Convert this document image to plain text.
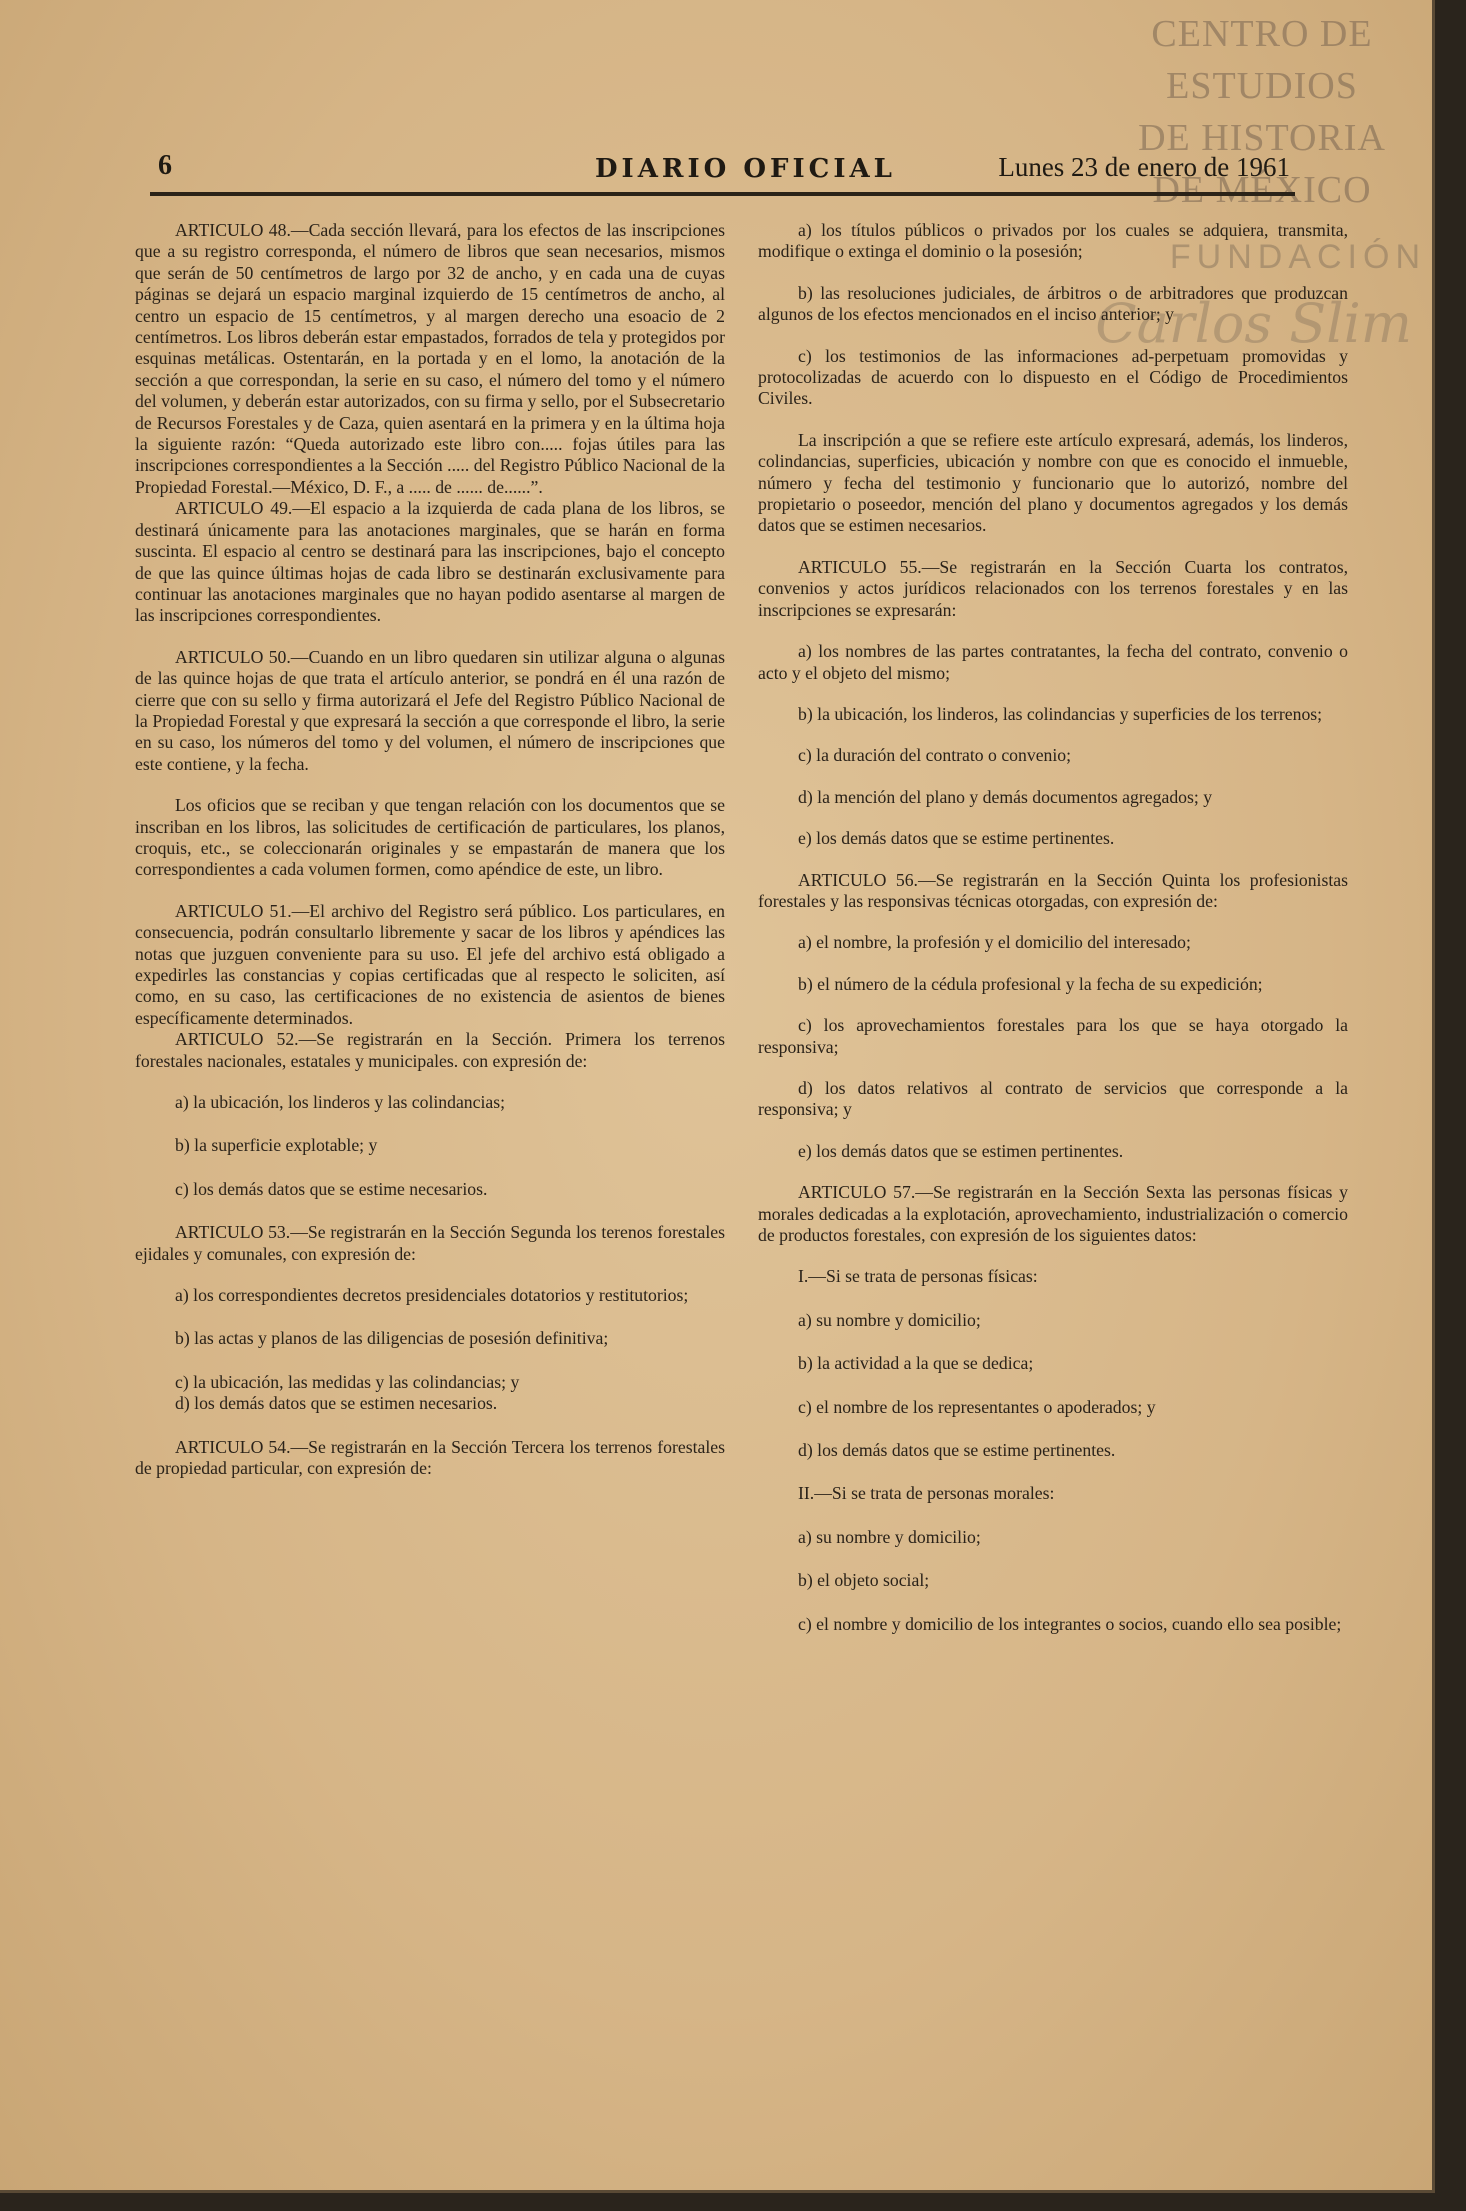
CENTRO DE
ESTUDIOS
DE HISTORIA
DE MÉXICO
FUNDACIÓN
Carlos Slim
6	DIARIO OFICIAL	Lunes 23 de enero de 1961

ARTICULO 48.—Cada sección llevará, para los efectos de las inscripciones que a su registro corresponda, el número de libros que sean necesarios, mismos que serán de 50 centímetros de largo por 32 de ancho, y en cada una de cuyas páginas se dejará un espacio marginal izquierdo de 15 centímetros de ancho, al centro un espacio de 15 centímetros, y al margen derecho una esoacio de 2 centímetros. Los libros deberán estar empastados, forrados de tela y protegidos por esquinas metálicas. Ostentarán, en la portada y en el lomo, la anotación de la sección a que correspondan, la serie en su caso, el número del tomo y el número del volumen, y deberán estar autorizados, con su firma y sello, por el Subsecretario de Recursos Forestales y de Caza, quien asentará en la primera y en la última hoja la siguiente razón: “Queda autorizado este libro con..... fojas útiles para las inscripciones correspondientes a la Sección ..... del Registro Público Nacional de la Propiedad Forestal.—México, D. F., a ..... de ...... de......”.

ARTICULO 49.—El espacio a la izquierda de cada plana de los libros, se destinará únicamente para las anotaciones marginales, que se harán en forma suscinta. El espacio al centro se destinará para las inscripciones, bajo el concepto de que las quince últimas hojas de cada libro se destinarán exclusivamente para continuar las anotaciones marginales que no hayan podido asentarse al margen de las inscripciones correspondientes.

ARTICULO 50.—Cuando en un libro quedaren sin utilizar alguna o algunas de las quince hojas de que trata el artículo anterior, se pondrá en él una razón de cierre que con su sello y firma autorizará el Jefe del Registro Público Nacional de la Propiedad Forestal y que expresará la sección a que corresponde el libro, la serie en su caso, los números del tomo y del volumen, el número de inscripciones que este contiene, y la fecha.

Los oficios que se reciban y que tengan relación con los documentos que se inscriban en los libros, las solicitudes de certificación de particulares, los planos, croquis, etc., se coleccionarán originales y se empastarán de manera que los correspondientes a cada volumen formen, como apéndice de este, un libro.

ARTICULO 51.—El archivo del Registro será público. Los particulares, en consecuencia, podrán consultarlo libremente y sacar de los libros y apéndices las notas que juzguen conveniente para su uso. El jefe del archivo está obligado a expedirles las constancias y copias certificadas que al respecto le soliciten, así como, en su caso, las certificaciones de no existencia de asientos de bienes específicamente determinados.

ARTICULO 52.—Se registrarán en la Sección. Primera los terrenos forestales nacionales, estatales y municipales. con expresión de:

a) la ubicación, los linderos y las colindancias;

b) la superficie explotable; y

c) los demás datos que se estime necesarios.

ARTICULO 53.—Se registrarán en la Sección Segunda los terenos forestales ejidales y comunales, con expresión de:

a) los correspondientes decretos presidenciales dotatorios y restitutorios;

b) las actas y planos de las diligencias de posesión definitiva;

c) la ubicación, las medidas y las colindancias; y

d) los demás datos que se estimen necesarios.

ARTICULO 54.—Se registrarán en la Sección Tercera los terrenos forestales de propiedad particular, con expresión de:

a) los títulos públicos o privados por los cuales se adquiera, transmita, modifique o extinga el dominio o la posesión;

b) las resoluciones judiciales, de árbitros o de arbitradores que produzcan algunos de los efectos mencionados en el inciso anterior; y

c) los testimonios de las informaciones ad-perpetuam promovidas y protocolizadas de acuerdo con lo dispuesto en el Código de Procedimientos Civiles.

La inscripción a que se refiere este artículo expresará, además, los linderos, colindancias, superficies, ubicación y nombre con que es conocido el inmueble, número y fecha del testimonio y funcionario que lo autorizó, nombre del propietario o poseedor, mención del plano y documentos agregados y los demás datos que se estimen necesarios.

ARTICULO 55.—Se registrarán en la Sección Cuarta los contratos, convenios y actos jurídicos relacionados con los terrenos forestales y en las inscripciones se expresarán:

a) los nombres de las partes contratantes, la fecha del contrato, convenio o acto y el objeto del mismo;

b) la ubicación, los linderos, las colindancias y superficies de los terrenos;

c) la duración del contrato o convenio;

d) la mención del plano y demás documentos agregados; y

e) los demás datos que se estime pertinentes.

ARTICULO 56.—Se registrarán en la Sección Quinta los profesionistas forestales y las responsivas técnicas otorgadas, con expresión de:

a) el nombre, la profesión y el domicilio del interesado;

b) el número de la cédula profesional y la fecha de su expedición;

c) los aprovechamientos forestales para los que se haya otorgado la responsiva;

d) los datos relativos al contrato de servicios que corresponde a la responsiva; y

e) los demás datos que se estimen pertinentes.

ARTICULO 57.—Se registrarán en la Sección Sexta las personas físicas y morales dedicadas a la explotación, aprovechamiento, industrialización o comercio de productos forestales, con expresión de los siguientes datos:

I.—Si se trata de personas físicas:

a) su nombre y domicilio;

b) la actividad a la que se dedica;

c) el nombre de los representantes o apoderados; y

d) los demás datos que se estime pertinentes.

II.—Si se trata de personas morales:

a) su nombre y domicilio;

b) el objeto social;

c) el nombre y domicilio de los integrantes o socios, cuando ello sea posible;
